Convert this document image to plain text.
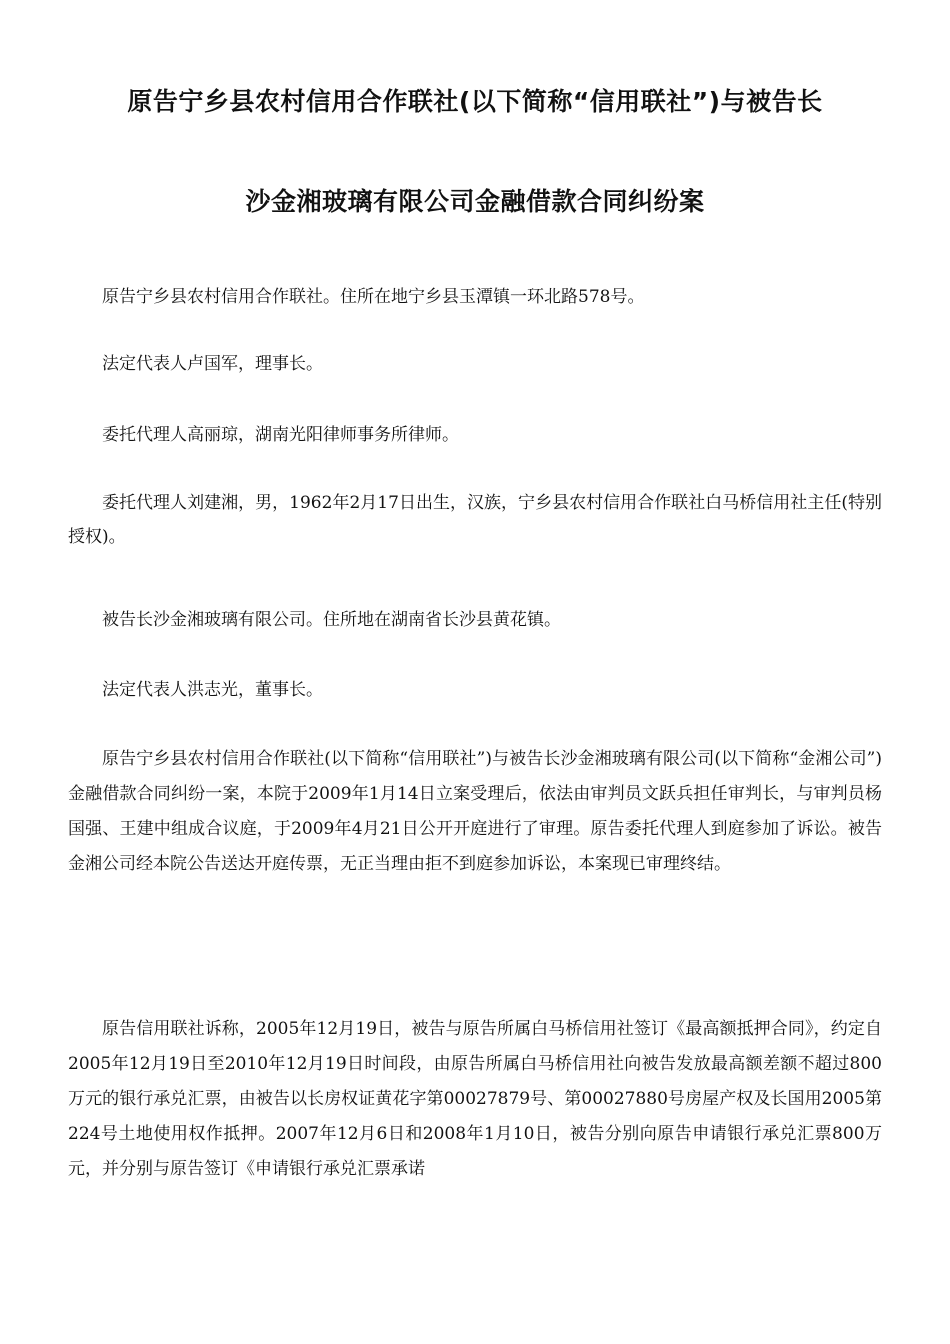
原告宁乡县农村信用合作联社(以下简称“信用联社”)与被告长
沙金湘玻璃有限公司金融借款合同纠纷案

原告宁乡县农村信用合作联社。住所在地宁乡县玉潭镇一环北路578号。

法定代表人卢国军，理事长。

委托代理人高丽琼，湖南光阳律师事务所律师。

委托代理人刘建湘，男，1962年2月17日出生，汉族，宁乡县农村信用合作联社白马桥信用社主任(特别授权)。

被告长沙金湘玻璃有限公司。住所地在湖南省长沙县黄花镇。

法定代表人洪志光，董事长。

原告宁乡县农村信用合作联社(以下简称“信用联社”)与被告长沙金湘玻璃有限公司(以下简称“金湘公司”)金融借款合同纠纷一案，本院于2009年1月14日立案受理后，依法由审判员文跃兵担任审判长，与审判员杨国强、王建中组成合议庭，于2009年4月21日公开开庭进行了审理。原告委托代理人到庭参加了诉讼。被告金湘公司经本院公告送达开庭传票，无正当理由拒不到庭参加诉讼，本案现已审理终结。

原告信用联社诉称，2005年12月19日，被告与原告所属白马桥信用社签订《最高额抵押合同》，约定自2005年12月19日至2010年12月19日时间段，由原告所属白马桥信用社向被告发放最高额差额不超过800万元的银行承兑汇票，由被告以长房权证黄花字第00027879号、第00027880号房屋产权及长国用2005第224号土地使用权作抵押。2007年12月6日和2008年1月10日，被告分别向原告申请银行承兑汇票800万元，并分别与原告签订《申请银行承兑汇票承诺
